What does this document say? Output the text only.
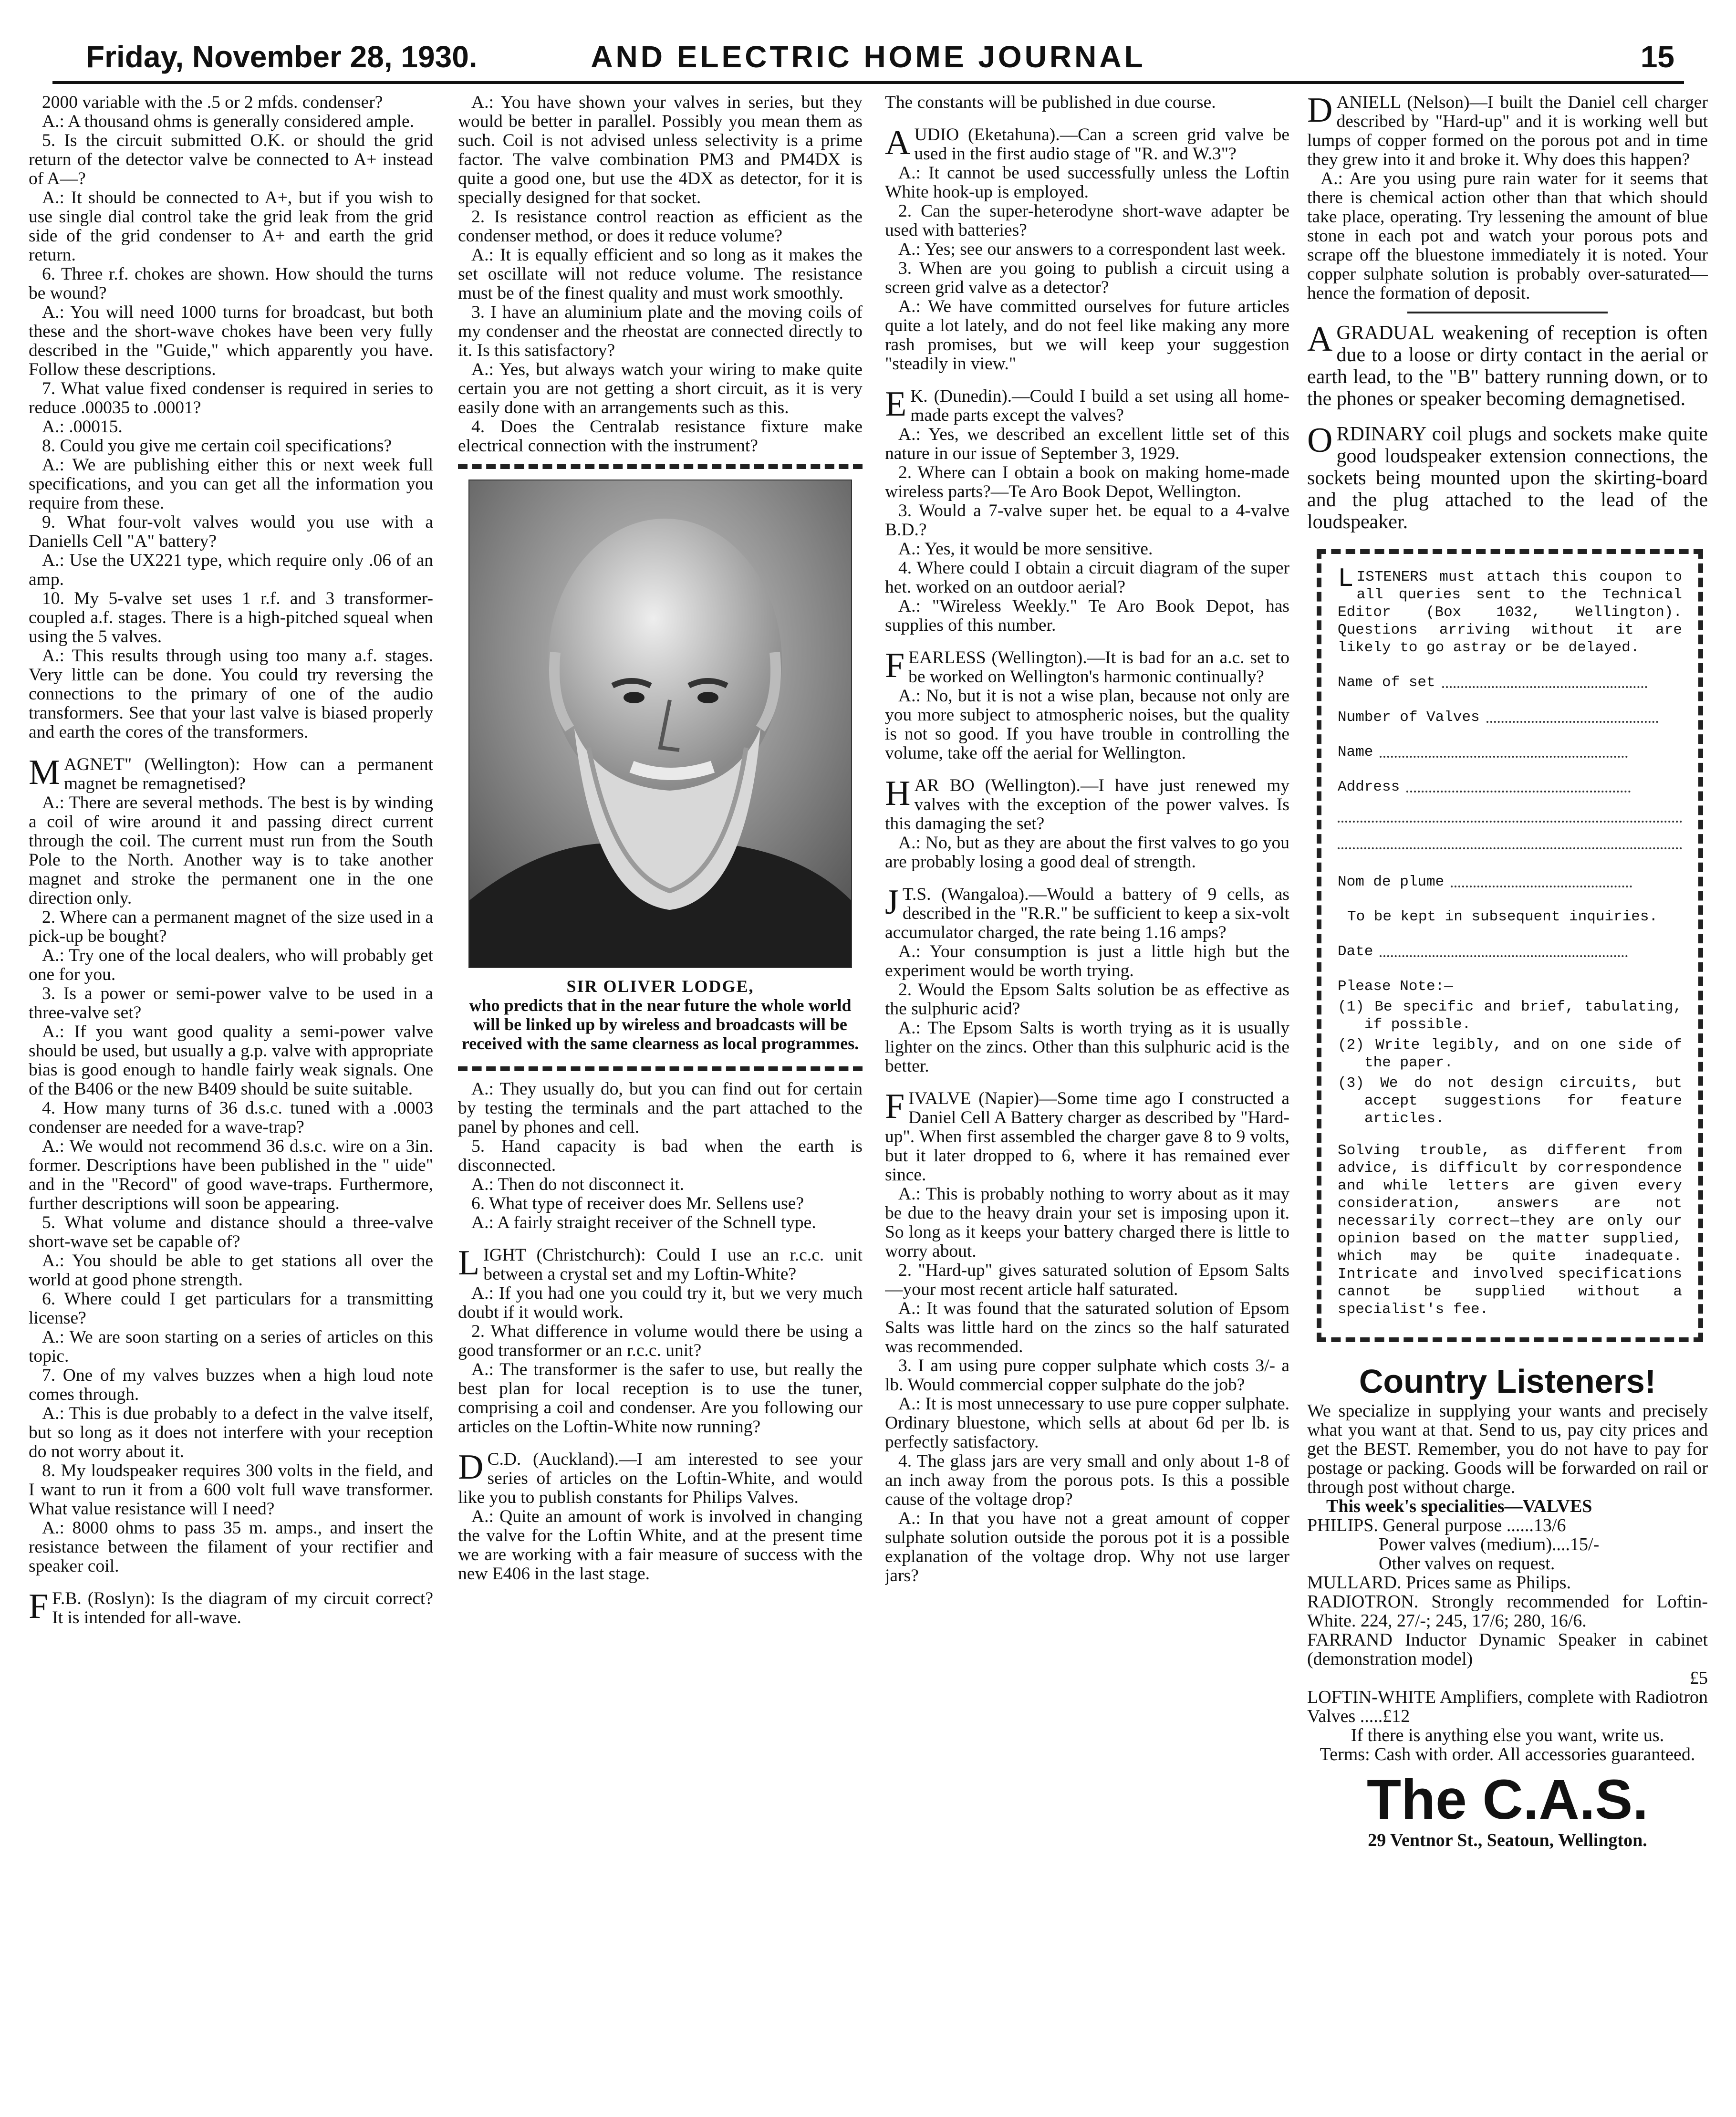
Friday, November 28, 1930.	AND ELECTRIC HOME JOURNAL	15

2000 variable with the .5 or 2 mfds. condenser?

A.: A thousand ohms is generally considered ample.

5. Is the circuit submitted O.K. or should the grid return of the detector valve be connected to A+ instead of A—?

A.: It should be connected to A+, but if you wish to use single dial control take the grid leak from the grid side of the grid condenser to A+ and earth the grid return.

6. Three r.f. chokes are shown. How should the turns be wound?

A.: You will need 1000 turns for broadcast, but both these and the short-wave chokes have been very fully described in the "Guide," which apparently you have. Follow these descriptions.

7. What value fixed condenser is required in series to reduce .00035 to .0001?

A.: .00015.

8. Could you give me certain coil specifications?

A.: We are publishing either this or next week full specifications, and you can get all the information you require from these.

9. What four-volt valves would you use with a Daniells Cell "A" battery?

A.: Use the UX221 type, which require only .06 of an amp.

10. My 5-valve set uses 1 r.f. and 3 transformer-coupled a.f. stages. There is a high-pitched squeal when using the 5 valves.

A.: This results through using too many a.f. stages. Very little can be done. You could try reversing the connections to the primary of one of the audio transformers. See that your last valve is biased properly and earth the cores of the transformers.

MAGNET" (Wellington): How can a permanent magnet be remagnetised?

A.: There are several methods. The best is by winding a coil of wire around it and passing direct current through the coil. The current must run from the South Pole to the North. Another way is to take another magnet and stroke the permanent one in the one direction only.

2. Where can a permanent magnet of the size used in a pick-up be bought?

A.: Try one of the local dealers, who will probably get one for you.

3. Is a power or semi-power valve to be used in a three-valve set?

A.: If you want good quality a semi-power valve should be used, but usually a g.p. valve with appropriate bias is good enough to handle fairly weak signals. One of the B406 or the new B409 should be suite suitable.

4. How many turns of 36 d.s.c. tuned with a .0003 condenser are needed for a wave-trap?

A.: We would not recommend 36 d.s.c. wire on a 3in. former. Descriptions have been published in the " uide" and in the "Record" of good wave-traps. Furthermore, further descriptions will soon be appearing.

5. What volume and distance should a three-valve short-wave set be capable of?

A.: You should be able to get stations all over the world at good phone strength.

6. Where could I get particulars for a transmitting license?

A.: We are soon starting on a series of articles on this topic.

7. One of my valves buzzes when a high loud note comes through.

A.: This is due probably to a defect in the valve itself, but so long as it does not interfere with your reception do not worry about it.

8. My loudspeaker requires 300 volts in the field, and I want to run it from a 600 volt full wave transformer. What value resistance will I need?

A.: 8000 ohms to pass 35 m. amps., and insert the resistance between the filament of your rectifier and speaker coil.

F F.B. (Roslyn): Is the diagram of my circuit correct? It is intended for all-wave.

A.: You have shown your valves in series, but they would be better in parallel. Possibly you mean them as such. Coil is not advised unless selectivity is a prime factor. The valve combination PM3 and PM4DX is quite a good one, but use the 4DX as detector, for it is specially designed for that socket.

2. Is resistance control reaction as efficient as the condenser method, or does it reduce volume?

A.: It is equally efficient and so long as it makes the set oscillate will not reduce volume. The resistance must be of the finest quality and must work smoothly.

3. I have an aluminium plate and the moving coils of my condenser and the rheostat are connected directly to it. Is this satisfactory?

A.: Yes, but always watch your wiring to make quite certain you are not getting a short circuit, as it is very easily done with an arrangements such as this.

4. Does the Centralab resistance fixture make electrical connection with the instrument?

SIR OLIVER LODGE,
who predicts that in the near future the whole world will be linked up by wireless and broadcasts will be received with the same clearness as local programmes.

A.: They usually do, but you can find out for certain by testing the terminals and the part attached to the panel by phones and cell.

5. Hand capacity is bad when the earth is disconnected.

A.: Then do not disconnect it.

6. What type of receiver does Mr. Sellens use?

A.: A fairly straight receiver of the Schnell type.

LIGHT (Christchurch): Could I use an r.c.c. unit between a crystal set and my Loftin-White?

A.: If you had one you could try it, but we very much doubt if it would work.

2. What difference in volume would there be using a good transformer or an r.c.c. unit?

A.: The transformer is the safer to use, but really the best plan for local reception is to use the tuner, comprising a coil and condenser. Are you following our articles on the Loftin-White now running?

D C.D. (Auckland).—I am interested to see your series of articles on the Loftin-White, and would like you to publish constants for Philips Valves.

A.: Quite an amount of work is involved in changing the valve for the Loftin White, and at the present time we are working with a fair measure of success with the new E406 in the last stage.

The constants will be published in due course.

AUDIO (Eketahuna).—Can a screen grid valve be used in the first audio stage of "R. and W.3"?

A.: It cannot be used successfully unless the Loftin White hook-up is employed.

2. Can the super-heterodyne short-wave adapter be used with batteries?

A.: Yes; see our answers to a correspondent last week.

3. When are you going to publish a circuit using a screen grid valve as a detector?

A.: We have committed ourselves for future articles quite a lot lately, and do not feel like making any more rash promises, but we will keep your suggestion "steadily in view."

E K. (Dunedin).—Could I build a set using all home-made parts except the valves?

A.: Yes, we described an excellent little set of this nature in our issue of September 3, 1929.

2. Where can I obtain a book on making home-made wireless parts?—Te Aro Book Depot, Wellington.

3. Would a 7-valve super het. be equal to a 4-valve B.D.?

A.: Yes, it would be more sensitive.

4. Where could I obtain a circuit diagram of the super het. worked on an outdoor aerial?

A.: "Wireless Weekly." Te Aro Book Depot, has supplies of this number.

FEARLESS (Wellington).—It is bad for an a.c. set to be worked on Wellington's harmonic continually?

A.: No, but it is not a wise plan, because not only are you more subject to atmospheric noises, but the quality is not so good. If you have trouble in controlling the volume, take off the aerial for Wellington.

HAR BO (Wellington).—I have just renewed my valves with the exception of the power valves. Is this damaging the set?

A.: No, but as they are about the first valves to go you are probably losing a good deal of strength.

J T.S. (Wangaloa).—Would a battery of 9 cells, as described in the "R.R." be sufficient to keep a six-volt accumulator charged, the rate being 1.16 amps?

A.: Your consumption is just a little high but the experiment would be worth trying.

2. Would the Epsom Salts solution be as effective as the sulphuric acid?

A.: The Epsom Salts is worth trying as it is usually lighter on the zincs. Other than this sulphuric acid is the better.

FIVALVE (Napier)—Some time ago I constructed a Daniel Cell A Battery charger as described by "Hard-up". When first assembled the charger gave 8 to 9 volts, but it later dropped to 6, where it has remained ever since.

A.: This is probably nothing to worry about as it may be due to the heavy drain your set is imposing upon it. So long as it keeps your battery charged there is little to worry about.

2. "Hard-up" gives saturated solution of Epsom Salts—your most recent article half saturated.

A.: It was found that the saturated solution of Epsom Salts was little hard on the zincs so the half saturated was recommended.

3. I am using pure copper sulphate which costs 3/- a lb. Would commercial copper sulphate do the job?

A.: It is most unnecessary to use pure copper sulphate. Ordinary bluestone, which sells at about 6d per lb. is perfectly satisfactory.

4. The glass jars are very small and only about 1-8 of an inch away from the porous pots. Is this a possible cause of the voltage drop?

A.: In that you have not a great amount of copper sulphate solution outside the porous pot it is a possible explanation of the voltage drop. Why not use larger jars?

DANIELL (Nelson)—I built the Daniel cell charger described by "Hard-up" and it is working well but lumps of copper formed on the porous pot and in time they grew into it and broke it. Why does this happen?

A.: Are you using pure rain water for it seems that there is chemical action other than that which should take place, operating. Try lessening the amount of blue stone in each pot and watch your porous pots and scrape off the bluestone immediately it is noted. Your copper sulphate solution is probably over-saturated—hence the formation of deposit.

AGRADUAL weakening of reception is often due to a loose or dirty contact in the aerial or earth lead, to the "B" battery running down, or to the phones or speaker becoming demagnetised.

ORDINARY coil plugs and sockets make quite good loudspeaker extension connections, the sockets being mounted upon the skirting-board and the plug attached to the lead of the loudspeaker.

LISTENERS must attach this coupon to all queries sent to the Technical Editor (Box 1032, Wellington). Questions arriving without it are likely to go astray or be delayed.
Name of set
Number of Valves
Name
Address
Nom de plume
To be kept in subsequent inquiries.
Date
Please Note:—

(1) Be specific and brief, tabulating, if possible.

(2) Write legibly, and on one side of the paper.

(3) We do not design circuits, but accept suggestions for feature articles.

Solving trouble, as different from advice, is difficult by correspondence and while letters are given every consideration, answers are not necessarily correct—they are only our opinion based on the matter supplied, which may be quite inadequate. Intricate and involved specifications cannot be supplied without a specialist's fee.
Country Listeners!

We specialize in supplying your wants and precisely what you want at that. Send to us, pay city prices and get the BEST. Remember, you do not have to pay for postage or packing. Goods will be forwarded on rail or through post without charge.

This week's specialities—VALVES

PHILIPS. General purpose ......13/6

Power valves (medium)....15/-

Other valves on request.

MULLARD. Prices same as Philips.

RADIOTRON. Strongly recommended for Loftin-White. 224, 27/-; 245, 17/6; 280, 16/6.

FARRAND Inductor Dynamic Speaker in cabinet (demonstration model)

£5

LOFTIN-WHITE Amplifiers, complete with Radiotron Valves .....£12

If there is anything else you want, write us.

Terms: Cash with order. All accessories guaranteed.

The C.A.S.
29 Ventnor St., Seatoun, Wellington.
